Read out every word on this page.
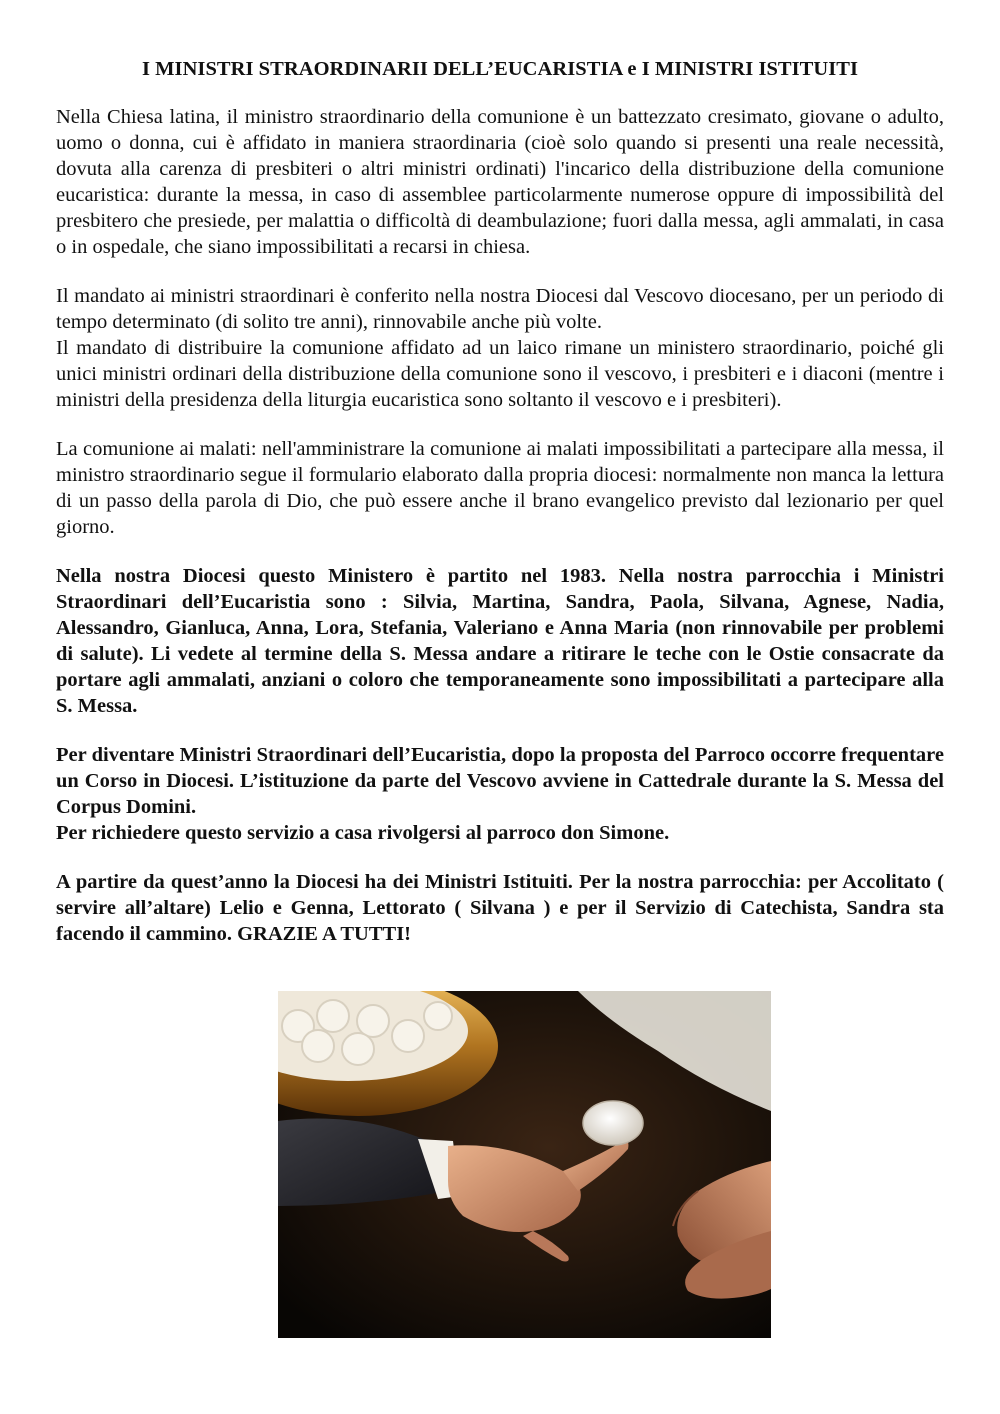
I MINISTRI STRAORDINARII DELL’EUCARISTIA e I MINISTRI ISTITUITI

Nella Chiesa latina, il ministro straordinario della comunione è un battezzato cresimato, giovane o adulto, uomo o donna, cui è affidato in maniera straordinaria (cioè solo quando si presenti una reale necessità, dovuta alla carenza di presbiteri o altri ministri ordinati) l'incarico della distribuzione della comunione eucaristica: durante la messa, in caso di assemblee particolarmente numerose oppure di impossibilità del presbitero che presiede, per malattia o difficoltà di deambulazione; fuori dalla messa, agli ammalati, in casa o in ospedale, che siano impossibilitati a recarsi in chiesa.

Il mandato ai ministri straordinari è conferito nella nostra Diocesi dal Vescovo diocesano, per un periodo di tempo determinato (di solito tre anni), rinnovabile anche più volte.
Il mandato di distribuire la comunione affidato ad un laico rimane un ministero straordinario, poiché gli unici ministri ordinari della distribuzione della comunione sono il vescovo, i presbiteri e i diaconi (mentre i ministri della presidenza della liturgia eucaristica sono soltanto il vescovo e i presbiteri).

La comunione ai malati: nell'amministrare la comunione ai malati impossibilitati a partecipare alla messa, il ministro straordinario segue il formulario elaborato dalla propria diocesi: normalmente non manca la lettura di un passo della parola di Dio, che può essere anche il brano evangelico previsto dal lezionario per quel giorno.

Nella nostra Diocesi questo Ministero è partito nel 1983. Nella nostra parrocchia i Ministri Straordinari dell’Eucaristia sono : Silvia, Martina, Sandra, Paola, Silvana, Agnese, Nadia, Alessandro, Gianluca, Anna, Lora, Stefania, Valeriano e Anna Maria (non rinnovabile per problemi di salute). Li vedete al termine della S. Messa andare a ritirare le teche con le Ostie consacrate da portare agli ammalati, anziani o coloro che temporaneamente sono impossibilitati a partecipare alla S. Messa.

Per diventare Ministri Straordinari dell’Eucaristia, dopo la proposta del Parroco occorre frequentare un Corso in Diocesi. L’istituzione da parte del Vescovo avviene in Cattedrale durante la S. Messa del Corpus Domini.
Per richiedere questo servizio a casa rivolgersi al parroco don Simone.

A partire da quest’anno la Diocesi ha dei Ministri Istituiti. Per la nostra parrocchia: per Accolitato ( servire all’altare) Lelio e Genna, Lettorato ( Silvana ) e per il Servizio di Catechista, Sandra sta facendo il cammino. GRAZIE A TUTTI!
